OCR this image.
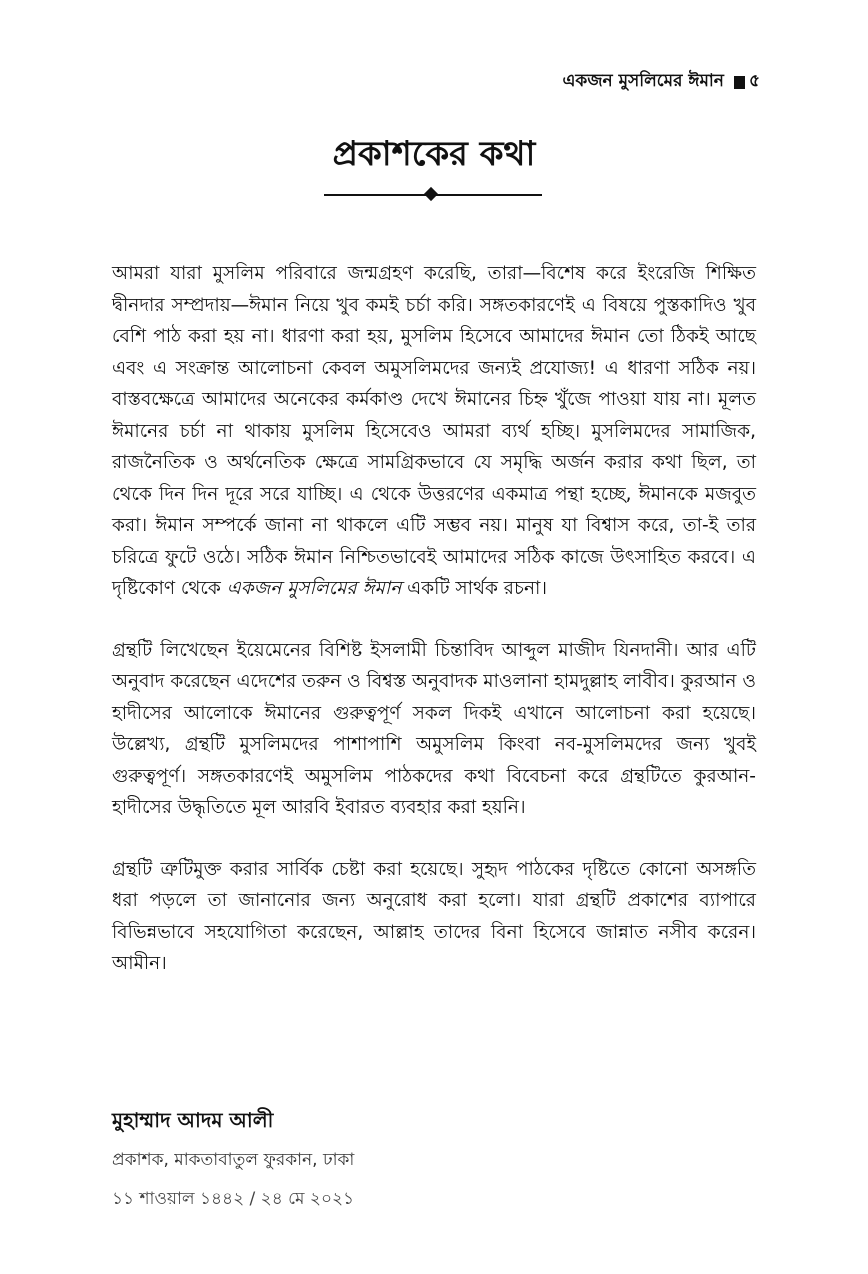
একজন মুসলিমের ঈমান ৫
প্রকাশকের কথা

আমরা যারা মুসলিম পরিবারে জন্মগ্রহণ করেছি, তারা—বিশেষ করে ইংরেজি শিক্ষিত দ্বীনদার সম্প্রদায়—ঈমান নিয়ে খুব কমই চর্চা করি। সঙ্গতকারণেই এ বিষয়ে পুস্তকাদিও খুব বেশি পাঠ করা হয় না। ধারণা করা হয়, মুসলিম হিসেবে আমাদের ঈমান তো ঠিকই আছে এবং এ সংক্রান্ত আলোচনা কেবল অমুসলিমদের জন্যই প্রযোজ্য! এ ধারণা সঠিক নয়। বাস্তবক্ষেত্রে আমাদের অনেকের কর্মকাণ্ড দেখে ঈমানের চিহ্ন খুঁজে পাওয়া যায় না। মূলত ঈমানের চর্চা না থাকায় মুসলিম হিসেবেও আমরা ব্যর্থ হচ্ছি। মুসলিমদের সামাজিক, রাজনৈতিক ও অর্থনেতিক ক্ষেত্রে সামগ্রিকভাবে যে সমৃদ্ধি অর্জন করার কথা ছিল, তা থেকে দিন দিন দূরে সরে যাচ্ছি। এ থেকে উত্তরণের একমাত্র পন্থা হচ্ছে, ঈমানকে মজবুত করা। ঈমান সম্পর্কে জানা না থাকলে এটি সম্ভব নয়। মানুষ যা বিশ্বাস করে, তা-ই তার চরিত্রে ফুটে ওঠে। সঠিক ঈমান নিশ্চিতভাবেই আমাদের সঠিক কাজে উৎসাহিত করবে। এ দৃষ্টিকোণ থেকে একজন মুসলিমের ঈমান একটি সার্থক রচনা।

গ্রন্থটি লিখেছেন ইয়েমেনের বিশিষ্ট ইসলামী চিন্তাবিদ আব্দুল মাজীদ যিনদানী। আর এটি অনুবাদ করেছেন এদেশের তরুন ও বিশ্বস্ত অনুবাদক মাওলানা হামদুল্লাহ লাবীব। কুরআন ও হাদীসের আলোকে ঈমানের গুরুত্বপূর্ণ সকল দিকই এখানে আলোচনা করা হয়েছে। উল্লেখ্য, গ্রন্থটি মুসলিমদের পাশাপাশি অমুসলিম কিংবা নব-মুসলিমদের জন্য খুবই গুরুত্বপূর্ণ। সঙ্গতকারণেই অমুসলিম পাঠকদের কথা বিবেচনা করে গ্রন্থটিতে কুরআন-হাদীসের উদ্ধৃতিতে মূল আরবি ইবারত ব্যবহার করা হয়নি।

গ্রন্থটি ত্রুটিমুক্ত করার সার্বিক চেষ্টা করা হয়েছে। সুহৃদ পাঠকের দৃষ্টিতে কোনো অসঙ্গতি ধরা পড়লে তা জানানোর জন্য অনুরোধ করা হলো। যারা গ্রন্থটি প্রকাশের ব্যাপারে বিভিন্নভাবে সহযোগিতা করেছেন, আল্লাহ তাদের বিনা হিসেবে জান্নাত নসীব করেন। আমীন।

মুহাম্মাদ আদম আলী

প্রকাশক, মাকতাবাতুল ফুরকান, ঢাকা

১১ শাওয়াল ১৪৪২ / ২৪ মে ২০২১
